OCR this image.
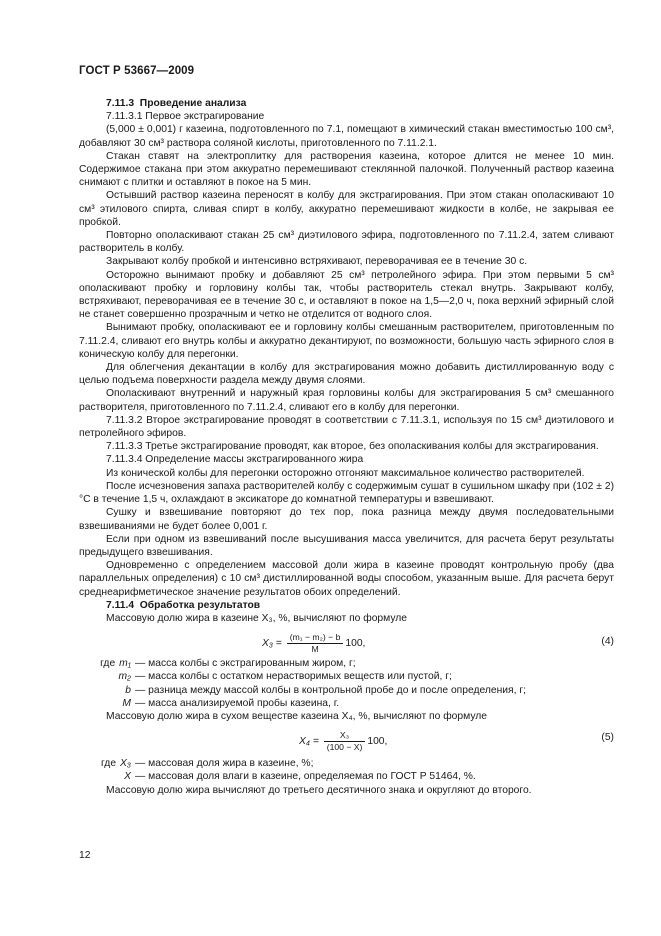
ГОСТ Р 53667—2009

7.11.3 Проведение анализа

7.11.3.1 Первое экстрагирование

(5,000 ± 0,001) г казеина, подготовленного по 7.1, помещают в химический стакан вместимостью 100 см³, добавляют 30 см³ раствора соляной кислоты, приготовленного по 7.11.2.1.

Стакан ставят на электроплитку для растворения казеина, которое длится не менее 10 мин. Содержимое стакана при этом аккуратно перемешивают стеклянной палочкой. Полученный раствор казеина снимают с плитки и оставляют в покое на 5 мин.

Остывший раствор казеина переносят в колбу для экстрагирования. При этом стакан ополаскивают 10 см³ этилового спирта, сливая спирт в колбу, аккуратно перемешивают жидкости в колбе, не закрывая ее пробкой.

Повторно ополаскивают стакан 25 см³ диэтилового эфира, подготовленного по 7.11.2.4, затем сливают растворитель в колбу.

Закрывают колбу пробкой и интенсивно встряхивают, переворачивая ее в течение 30 с.

Осторожно вынимают пробку и добавляют 25 см³ петролейного эфира. При этом первыми 5 см³ ополаскивают пробку и горловину колбы так, чтобы растворитель стекал внутрь. Закрывают колбу, встряхивают, переворачивая ее в течение 30 с, и оставляют в покое на 1,5—2,0 ч, пока верхний эфирный слой не станет совершенно прозрачным и четко не отделится от водного слоя.

Вынимают пробку, ополаскивают ее и горловину колбы смешанным растворителем, приготовленным по 7.11.2.4, сливают его внутрь колбы и аккуратно декантируют, по возможности, большую часть эфирного слоя в коническую колбу для перегонки.

Для облегчения декантации в колбу для экстрагирования можно добавить дистиллированную воду с целью подъема поверхности раздела между двумя слоями.

Ополаскивают внутренний и наружный края горловины колбы для экстрагирования 5 см³ смешанного растворителя, приготовленного по 7.11.2.4, сливают его в колбу для перегонки.

7.11.3.2 Второе экстрагирование проводят в соответствии с 7.11.3.1, используя по 15 см³ диэтилового и петролейного эфиров.

7.11.3.3 Третье экстрагирование проводят, как второе, без ополаскивания колбы для экстрагирования.

7.11.3.4 Определение массы экстрагированного жира

Из конической колбы для перегонки осторожно отгоняют максимальное количество растворителей.

После исчезновения запаха растворителей колбу с содержимым сушат в сушильном шкафу при (102 ± 2) °С в течение 1,5 ч, охлаждают в эксикаторе до комнатной температуры и взвешивают.

Сушку и взвешивание повторяют до тех пор, пока разница между двумя последовательными взвешиваниями не будет более 0,001 г.

Если при одном из взвешиваний после высушивания масса увеличится, для расчета берут результаты предыдущего взвешивания.

Одновременно с определением массовой доли жира в казеине проводят контрольную пробу (два параллельных определения) с 10 см³ дистиллированной воды способом, указанным выше. Для расчета берут среднеарифметическое значение результатов обоих определений.

7.11.4 Обработка результатов

Массовую долю жира в казеине X₃, %, вычисляют по формуле

$X_3 = \frac{\text{(m₁ − m₂) − b}}{M} 100$,	(4)
где m₁ — масса колбы с экстрагированным жиром, г;
m₂ — масса колбы с остатком нерастворимых веществ или пустой, г;
b — разница между массой колбы в контрольной пробе до и после определения, г;
M — масса анализируемой пробы казеина, г.

Массовую долю жира в сухом веществе казеина X₄, %, вычисляют по формуле

$X_4 = \frac{\text{X₃}}{(100 - X)} 100$,	(5)
где X₃ — массовая доля жира в казеине, %;
X — массовая доля влаги в казеине, определяемая по ГОСТ Р 51464, %.

Массовую долю жира вычисляют до третьего десятичного знака и округляют до второго.

12
